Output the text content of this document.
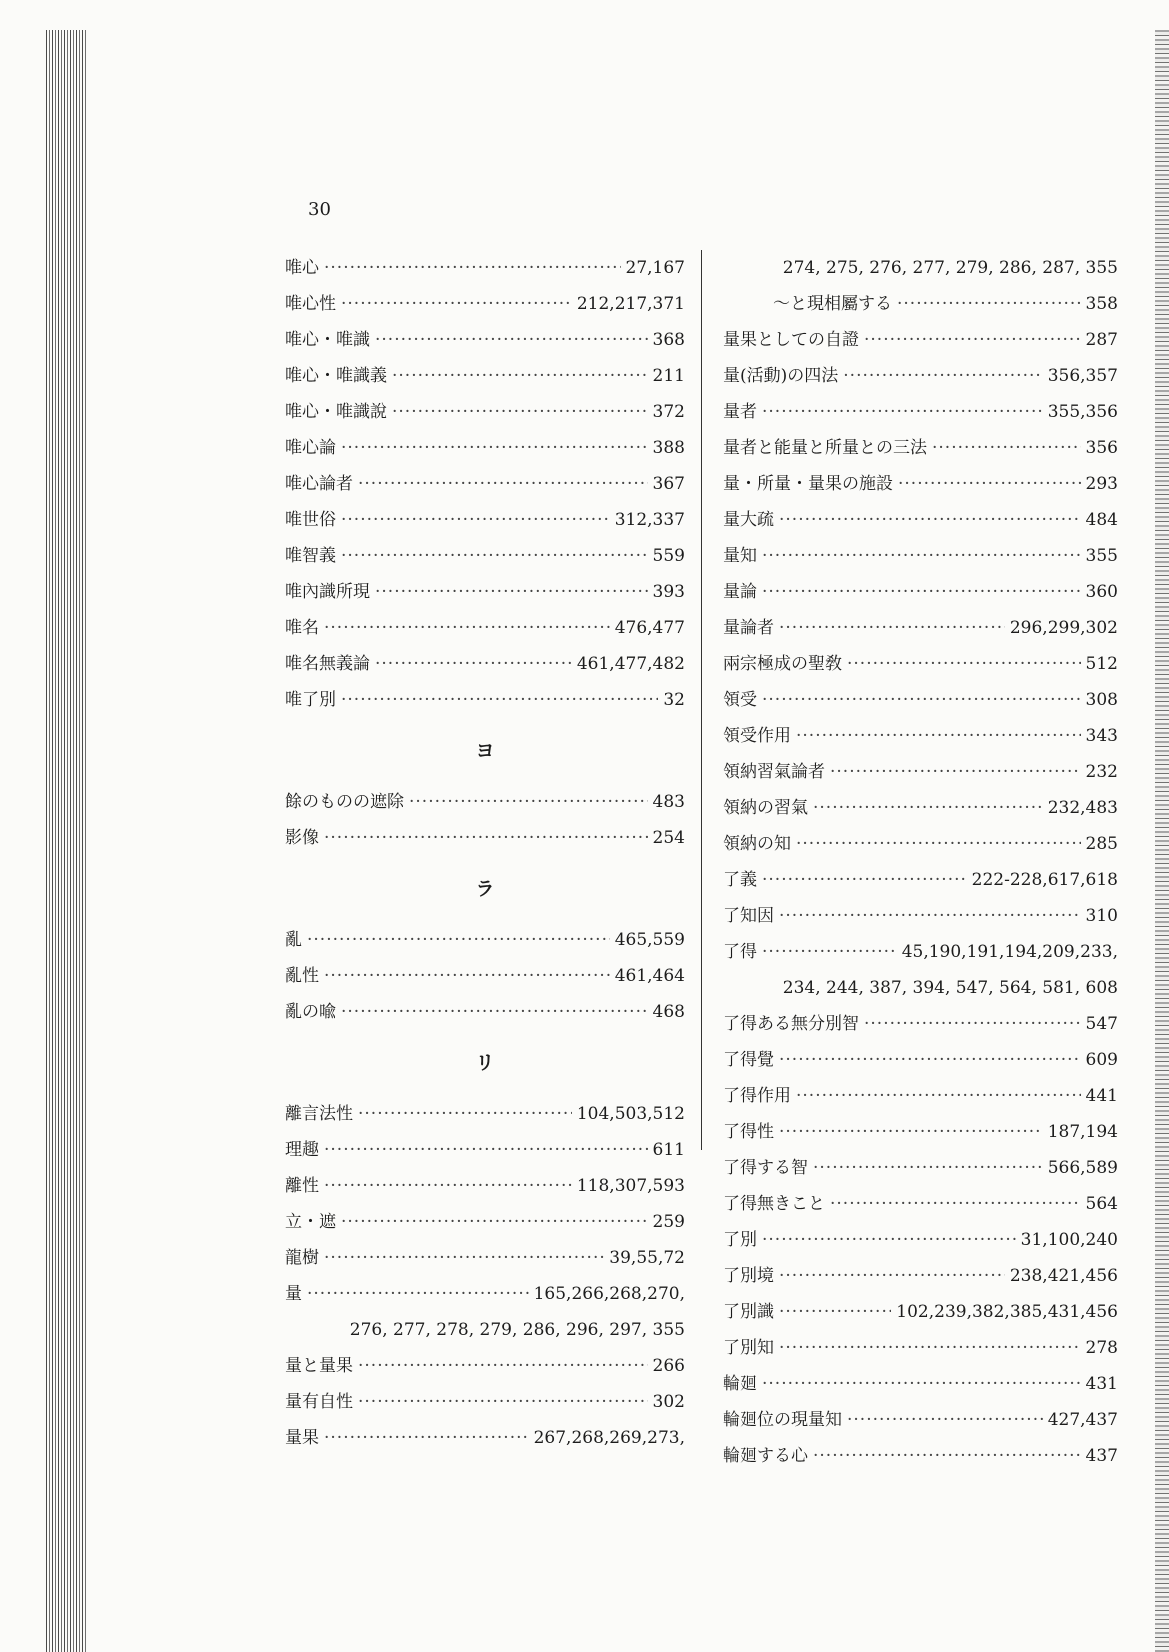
30
唯心 ·····	27,167
唯心性 ·····	212,217,371
唯心・唯識 ·····	368
唯心・唯識義 ·····	211
唯心・唯識說 ·····	372
唯心論 ·····	388
唯心論者 ·····	367
唯世俗 ·····	312,337
唯智義 ·····	559
唯內識所現 ·····	393
唯名 ·····	476,477
唯名無義論 ·····	461,477,482
唯了別 ·····	32
ヨ
餘のものの遮除 ·····	483
影像 ·····	254
ラ
亂 ·····	465,559
亂性 ·····	461,464
亂の喩 ·····	468
リ
離言法性 ·····	104,503,512
理趣 ·····	611
離性 ·····	118,307,593
立・遮 ·····	259
龍樹 ·····	39,55,72
量 ·····	165,266,268,270,
276, 277, 278, 279, 286, 296, 297, 355
量と量果 ·····	266
量有自性 ·····	302
量果 ·····	267,268,269,273,
274, 275, 276, 277, 279, 286, 287, 355
〜と現相屬する ·····	358
量果としての自證 ·····	287
量(活動)の四法 ·····	356,357
量者 ·····	355,356
量者と能量と所量との三法 ·····	356
量・所量・量果の施設 ·····	293
量大疏 ·····	484
量知 ·····	355
量論 ·····	360
量論者 ·····	296,299,302
兩宗極成の聖敎 ·····	512
領受 ·····	308
領受作用 ·····	343
領納習氣論者 ·····	232
領納の習氣 ·····	232,483
領納の知 ·····	285
了義 ·····	222-228,617,618
了知因 ·····	310
了得 ·····	45,190,191,194,209,233,
234, 244, 387, 394, 547, 564, 581, 608
了得ある無分別智 ·····	547
了得覺 ·····	609
了得作用 ·····	441
了得性 ·····	187,194
了得する智 ·····	566,589
了得無きこと ·····	564
了別 ·····	31,100,240
了別境 ·····	238,421,456
了別識 ·····	102,239,382,385,431,456
了別知 ·····	278
輪廻 ·····	431
輪廻位の現量知 ·····	427,437
輪廻する心 ·····	437
